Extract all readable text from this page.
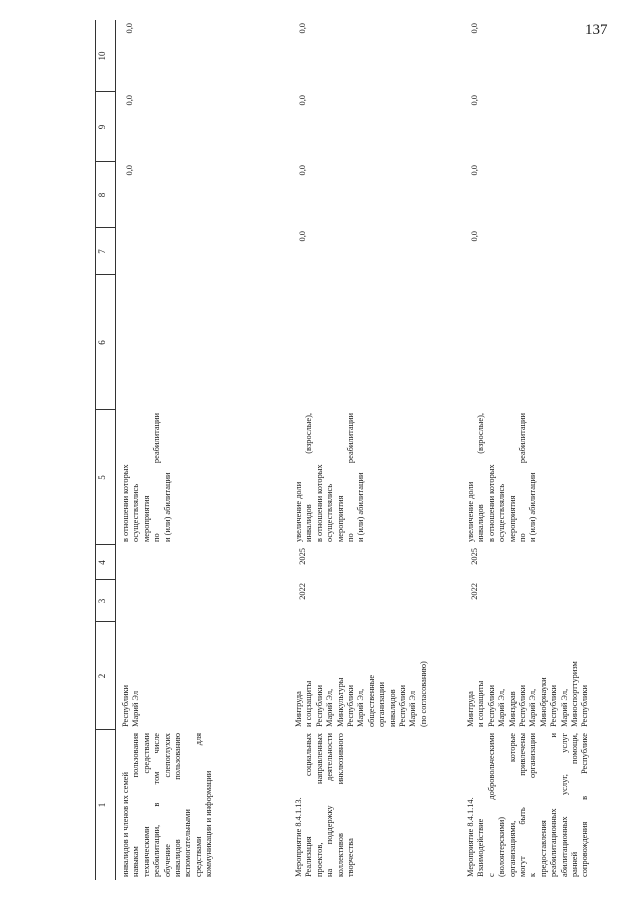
137
1
2
3
4
5
6
7
8
9
10
инвалидов и членов их семей навыкам пользования техническими средствами реабилитации, в том числе обучение слепоглухих инвалидов пользованию вспомогательными средствами для коммуникации и информации
Республики Марий Эл
в отношении которых осуществлялись мероприятия по реабилитации и (или) абилитации
0,0
0,0
0,0
Мероприятие 8.4.1.13. Реализация социальных проектов, направленных на поддержку деятельности коллективов инклюзивного творчества
Минтруда и соцзащиты Республики Марий Эл, Минкультуры Республики Марий Эл, общественные организации инвалидов Республики Марий Эл (по согласованию)
2022
2025
увеличение доли инвалидов (взрослые), в отношении которых осуществлялись мероприятия по реабилитации и (или) абилитации
0,0
0,0
0,0
0,0
Мероприятие 8.4.1.14. Взаимодействие с добровольческими (волонтерскими) организациями, которые могут быть привлечены к организации предоставления реабилитационных и абилитационных услуг, услуг ранней помощи, сопровождения в Республике
Минтруда и соцзащиты Республики Марий Эл, Минздрав Республики Марий Эл, Минобрнауки Республики Марий Эл, Миноспорттуризм Республики
2022
2025
увеличение доли инвалидов (взрослые), в отношении которых осуществлялись мероприятия по реабилитации и (или) абилитации
0,0
0,0
0,0
0,0
